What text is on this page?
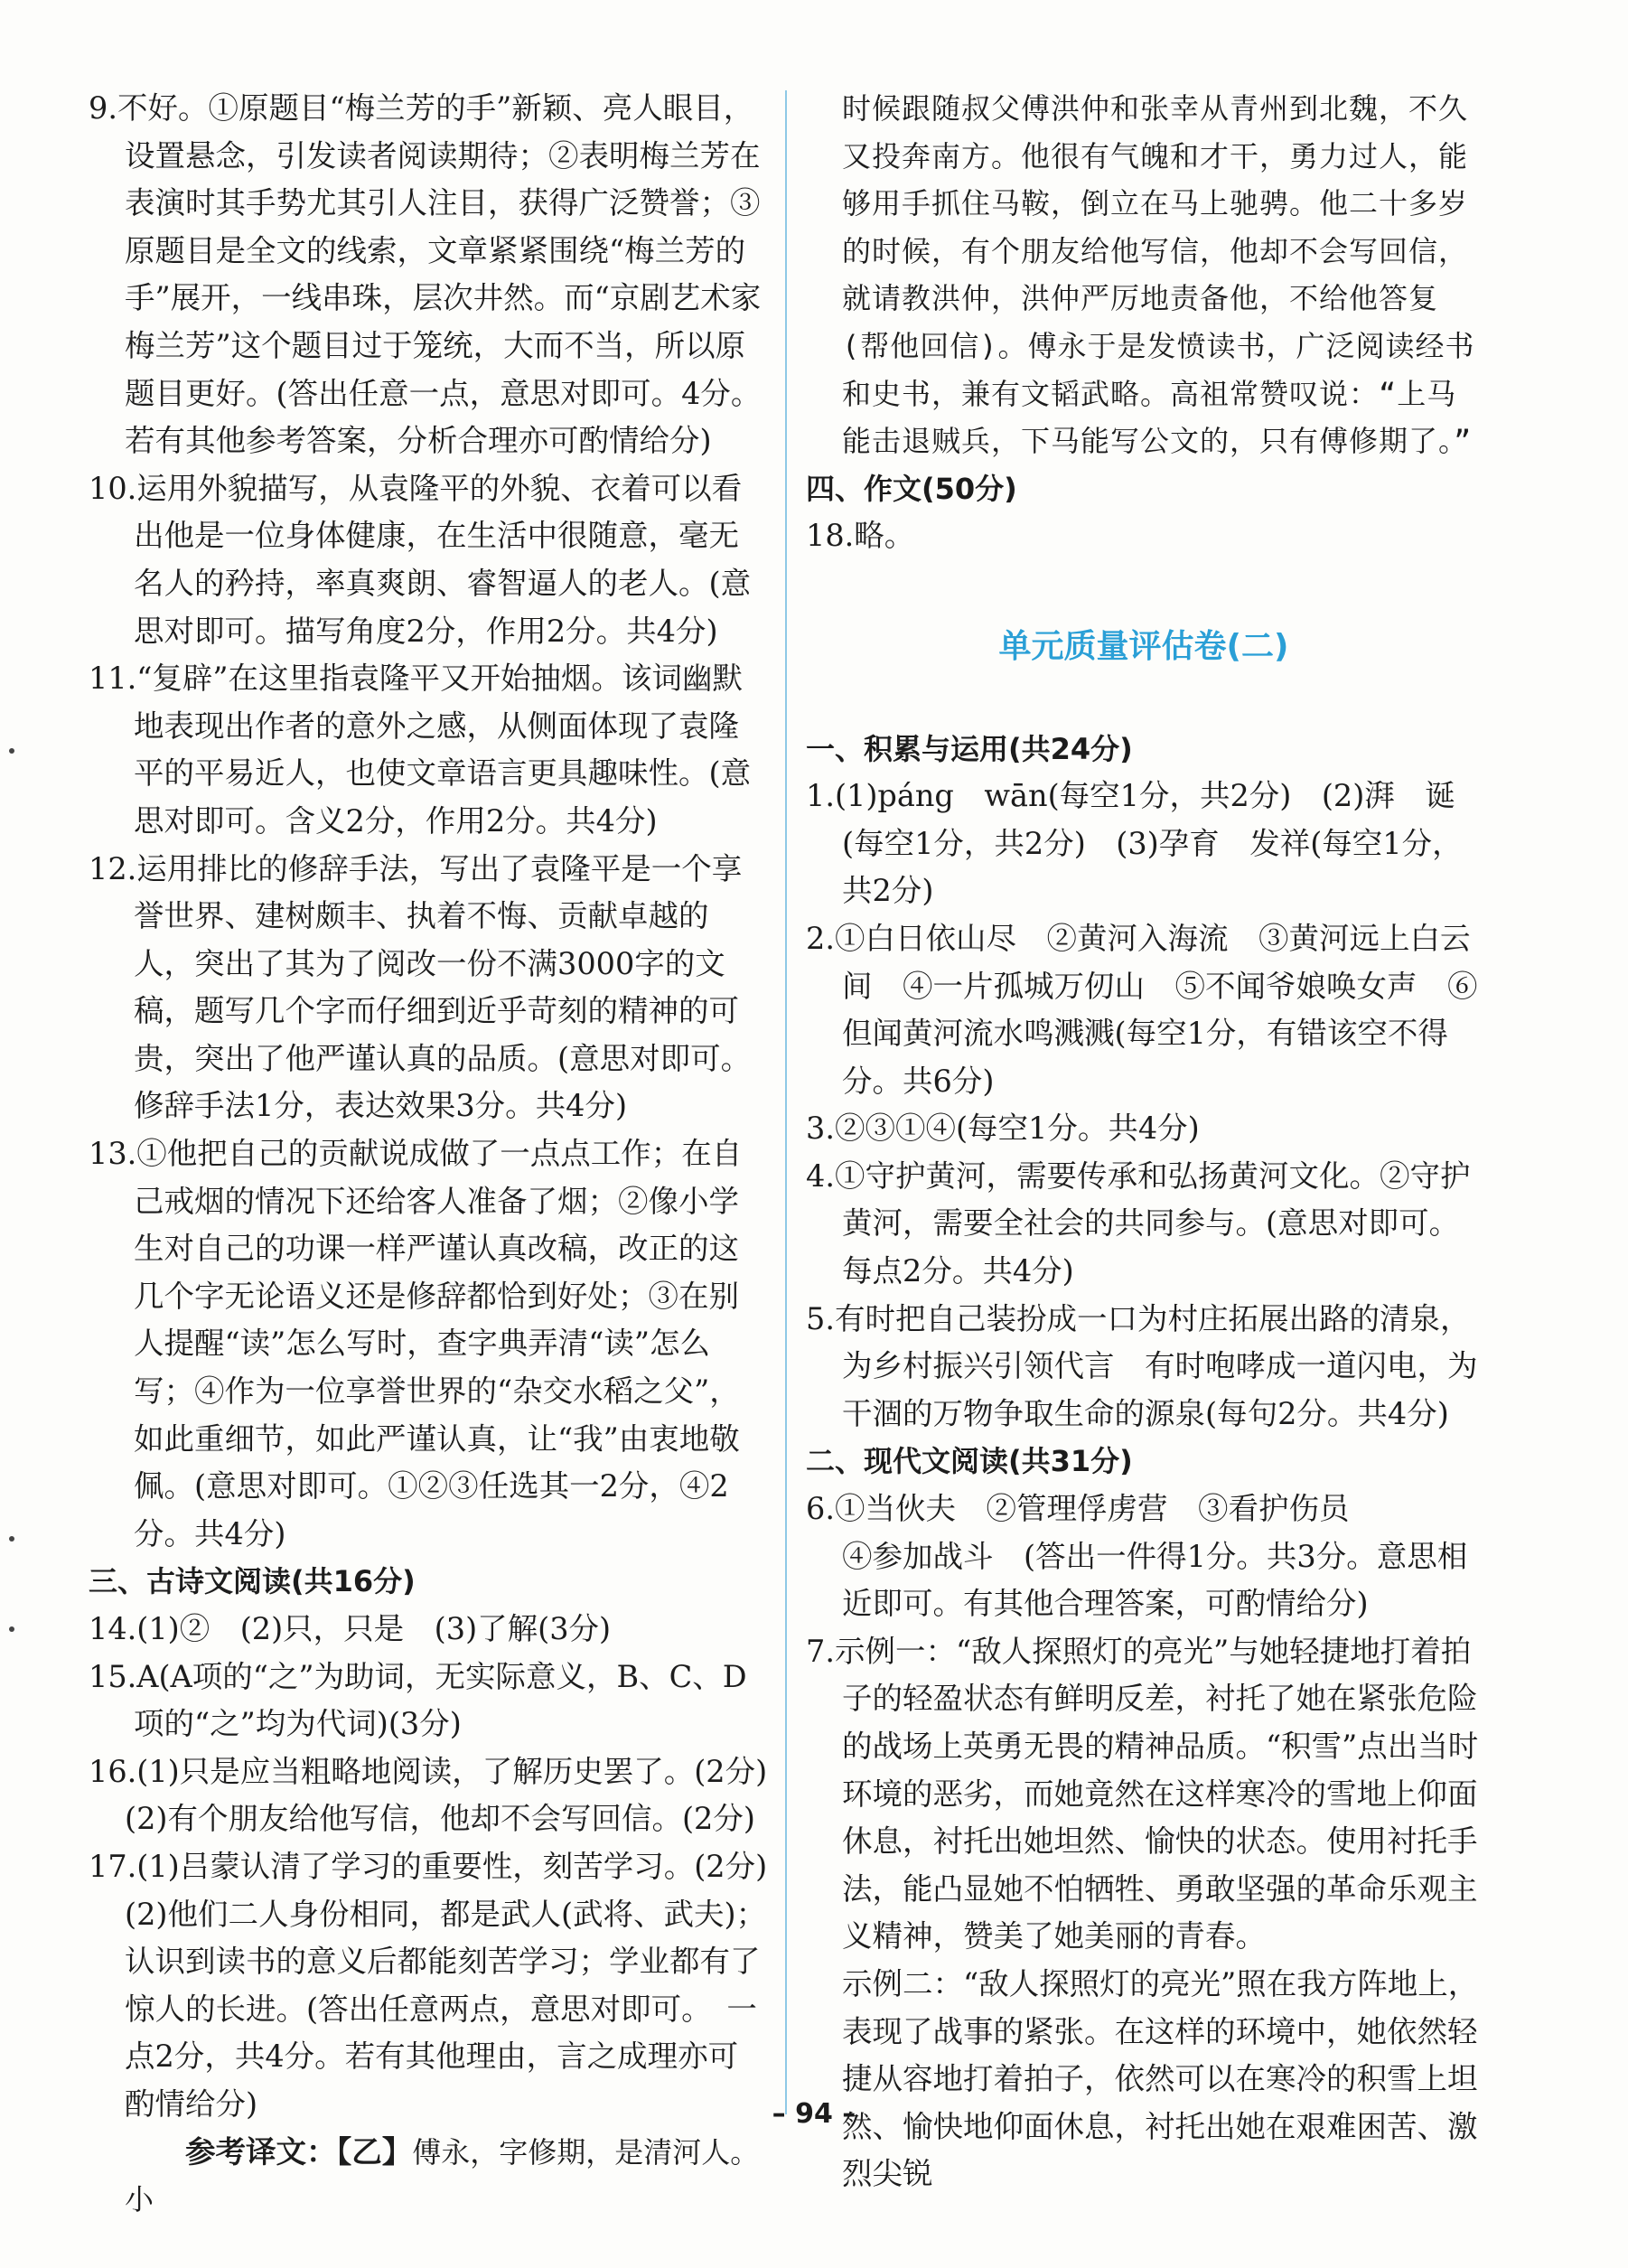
9.不好。①原题目“梅兰芳的手”新颖、亮人眼目，设置悬念，引发读者阅读期待；②表明梅兰芳在表演时其手势尤其引人注目，获得广泛赞誉；③原题目是全文的线索，文章紧紧围绕“梅兰芳的手”展开，一线串珠，层次井然。而“京剧艺术家梅兰芳”这个题目过于笼统，大而不当，所以原题目更好。(答出任意一点，意思对即可。4分。若有其他参考答案，分析合理亦可酌情给分)

10.运用外貌描写，从袁隆平的外貌、衣着可以看出他是一位身体健康，在生活中很随意，毫无名人的矜持，率真爽朗、睿智逼人的老人。(意思对即可。描写角度2分，作用2分。共4分)

11.“复辟”在这里指袁隆平又开始抽烟。该词幽默地表现出作者的意外之感，从侧面体现了袁隆平的平易近人，也使文章语言更具趣味性。(意思对即可。含义2分，作用2分。共4分)

12.运用排比的修辞手法，写出了袁隆平是一个享誉世界、建树颇丰、执着不悔、贡献卓越的人，突出了其为了阅改一份不满3000字的文稿，题写几个字而仔细到近乎苛刻的精神的可贵，突出了他严谨认真的品质。(意思对即可。修辞手法1分，表达效果3分。共4分)

13.①他把自己的贡献说成做了一点点工作；在自己戒烟的情况下还给客人准备了烟；②像小学生对自己的功课一样严谨认真改稿，改正的这几个字无论语义还是修辞都恰到好处；③在别人提醒“读”怎么写时，查字典弄清“读”怎么写；④作为一位享誉世界的“杂交水稻之父”，如此重细节，如此严谨认真，让“我”由衷地敬佩。(意思对即可。①②③任选其一2分，④2分。共4分)

三、古诗文阅读(共16分)

14.(1)②　(2)只，只是　(3)了解(3分)

15.A(A项的“之”为助词，无实际意义，B、C、D项的“之”均为代词)(3分)

16.(1)只是应当粗略地阅读，了解历史罢了。(2分)

(2)有个朋友给他写信，他却不会写回信。(2分)

17.(1)吕蒙认清了学习的重要性，刻苦学习。(2分)

(2)他们二人身份相同，都是武人(武将、武夫)；认识到读书的意义后都能刻苦学习；学业都有了惊人的长进。(答出任意两点，意思对即可。　一点2分，共4分。若有其他理由，言之成理亦可酌情给分)

参考译文：【乙】傅永，字修期，是清河人。小

时候跟随叔父傅洪仲和张幸从青州到北魏，不久又投奔南方。他很有气魄和才干，勇力过人，能够用手抓住马鞍，倒立在马上驰骋。他二十多岁的时候，有个朋友给他写信，他却不会写回信，就请教洪仲，洪仲严厉地责备他，不给他答复(帮他回信)。傅永于是发愤读书，广泛阅读经书和史书，兼有文韬武略。高祖常赞叹说：“上马能击退贼兵，下马能写公文的，只有傅修期了。”

四、作文(50分)

18.略。

单元质量评估卷(二)

一、积累与运用(共24分)

1.(1)páng　wān(每空1分，共2分)　(2)湃　诞(每空1分，共2分)　(3)孕育　发祥(每空1分，共2分)

2.①白日依山尽　②黄河入海流　③黄河远上白云间　④一片孤城万仞山　⑤不闻爷娘唤女声　⑥但闻黄河流水鸣溅溅(每空1分，有错该空不得分。共6分)

3.②③①④(每空1分。共4分)

4.①守护黄河，需要传承和弘扬黄河文化。②守护黄河，需要全社会的共同参与。(意思对即可。每点2分。共4分)

5.有时把自己装扮成一口为村庄拓展出路的清泉，为乡村振兴引领代言　有时咆哮成一道闪电，为干涸的万物争取生命的源泉(每句2分。共4分)

二、现代文阅读(共31分)

6.①当伙夫　②管理俘虏营　③看护伤员

④参加战斗　(答出一件得1分。共3分。意思相近即可。有其他合理答案，可酌情给分)

7.示例一：“敌人探照灯的亮光”与她轻捷地打着拍子的轻盈状态有鲜明反差，衬托了她在紧张危险的战场上英勇无畏的精神品质。“积雪”点出当时环境的恶劣，而她竟然在这样寒冷的雪地上仰面休息，衬托出她坦然、愉快的状态。使用衬托手法，能凸显她不怕牺牲、勇敢坚强的革命乐观主义精神，赞美了她美丽的青春。

示例二：“敌人探照灯的亮光”照在我方阵地上，表现了战事的紧张。在这样的环境中，她依然轻捷从容地打着拍子，依然可以在寒冷的积雪上坦然、愉快地仰面休息，衬托出她在艰难困苦、激烈尖锐

– 94 –
